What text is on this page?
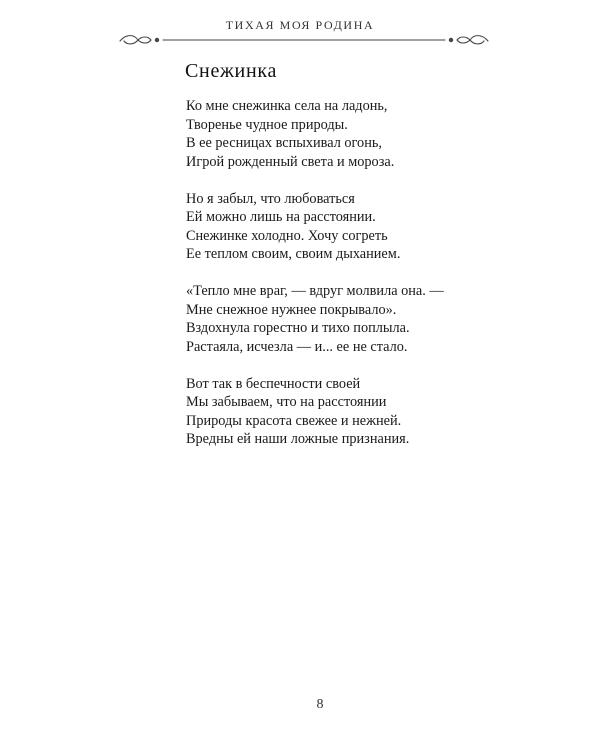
ТИХАЯ МОЯ РОДИНА
Снежинка
Ко мне снежинка села на ладонь,
Творенье чудное природы.
В ее ресницах вспыхивал огонь,
Игрой рожденный света и мороза.
Но я забыл, что любоваться
Ей можно лишь на расстоянии.
Снежинке холодно. Хочу согреть
Ее теплом своим, своим дыханием.
«Тепло мне враг, — вдруг молвила она. —
Мне снежное нужнее покрывало».
Вздохнула горестно и тихо поплыла.
Растаяла, исчезла — и... ее не стало.
Вот так в беспечности своей
Мы забываем, что на расстоянии
Природы красота свежее и нежней.
Вредны ей наши ложные признания.
8
